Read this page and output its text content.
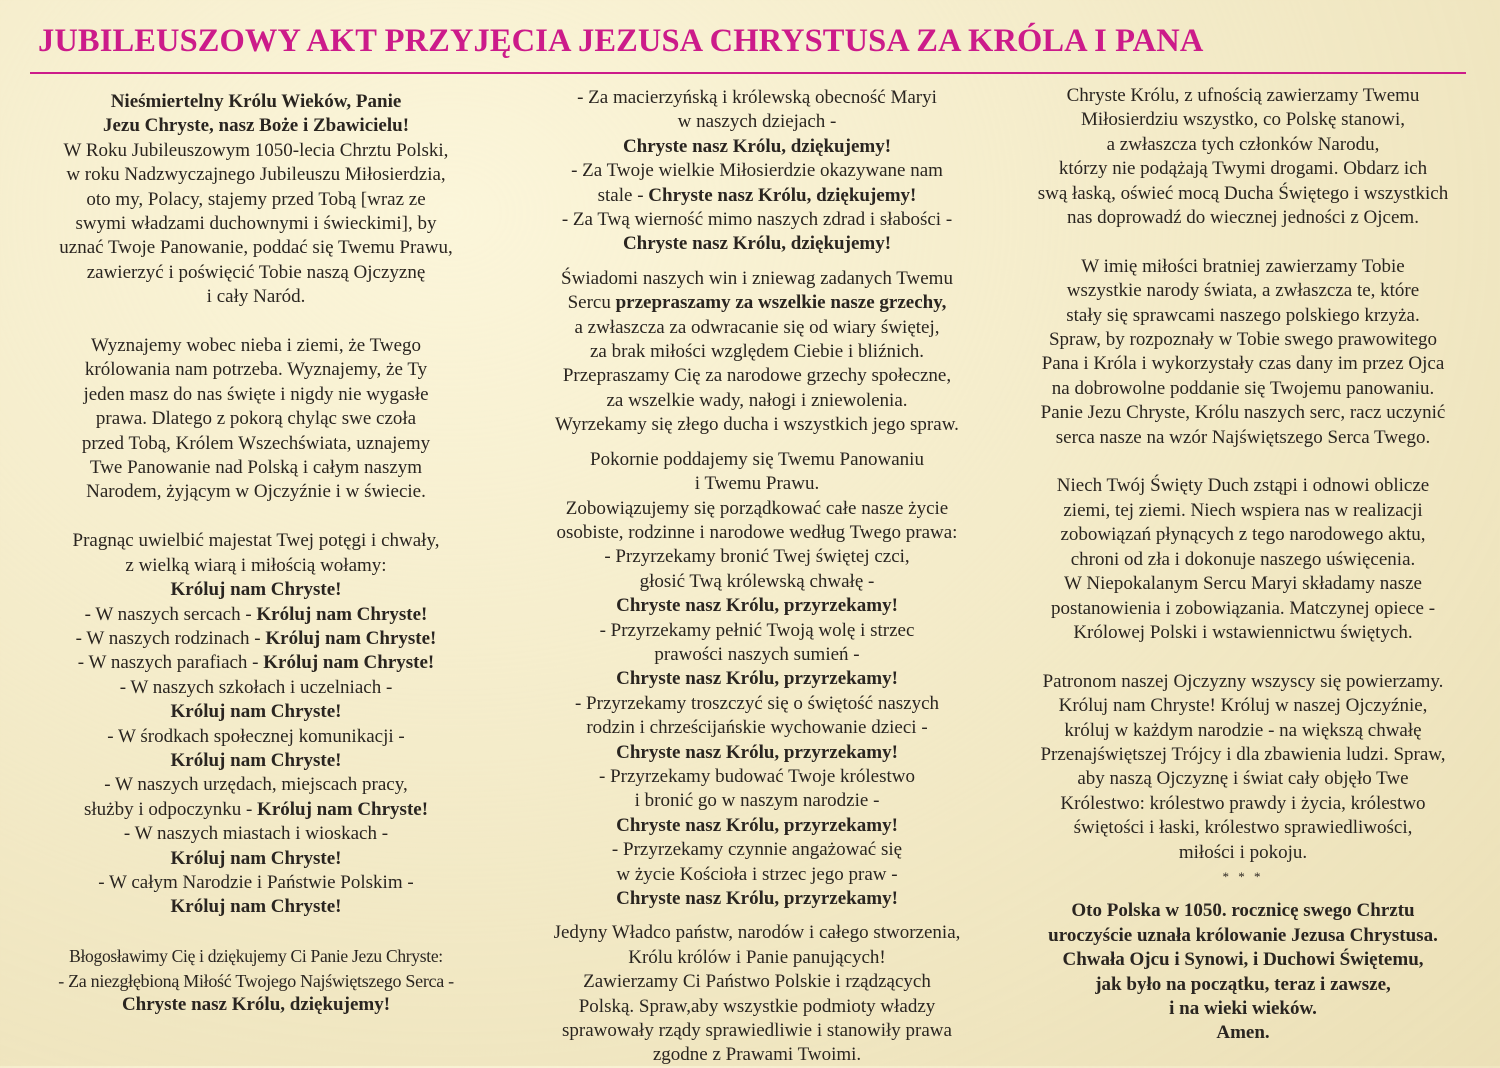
JUBILEUSZOWY AKT PRZYJĘCIA JEZUSA CHRYSTUSA ZA KRÓLA I PANA
Nieśmiertelny Królu Wieków, Panie
Jezu Chryste, nasz Boże i Zbawicielu!
W Roku Jubileuszowym 1050-lecia Chrztu Polski,
w roku Nadzwyczajnego Jubileuszu Miłosierdzia,
oto my, Polacy, stajemy przed Tobą [wraz ze
swymi władzami duchownymi i świeckimi], by
uznać Twoje Panowanie, poddać się Twemu Prawu,
zawierzyć i poświęcić Tobie naszą Ojczyznę
i cały Naród.
Wyznajemy wobec nieba i ziemi, że Twego
królowania nam potrzeba. Wyznajemy, że Ty
jeden masz do nas święte i nigdy nie wygasłe
prawa. Dlatego z pokorą chyląc swe czoła
przed Tobą, Królem Wszechświata, uznajemy
Twe Panowanie nad Polską i całym naszym
Narodem, żyjącym w Ojczyźnie i w świecie.
Pragnąc uwielbić majestat Twej potęgi i chwały,
z wielką wiarą i miłością wołamy:
Króluj nam Chryste!
- W naszych sercach - Króluj nam Chryste!
- W naszych rodzinach - Króluj nam Chryste!
- W naszych parafiach - Króluj nam Chryste!
- W naszych szkołach i uczelniach -
Króluj nam Chryste!
- W środkach społecznej komunikacji -
Króluj nam Chryste!
- W naszych urzędach, miejscach pracy,
służby i odpoczynku - Króluj nam Chryste!
- W naszych miastach i wioskach -
Króluj nam Chryste!
- W całym Narodzie i Państwie Polskim -
Króluj nam Chryste!
Błogosławimy Cię i dziękujemy Ci Panie Jezu Chryste:
- Za niezgłębioną Miłość Twojego Najświętszego Serca -
Chryste nasz Królu, dziękujemy!
- Za macierzyńską i królewską obecność Maryi
w naszych dziejach -
Chryste nasz Królu, dziękujemy!
- Za Twoje wielkie Miłosierdzie okazywane nam
stale - Chryste nasz Królu, dziękujemy!
- Za Twą wierność mimo naszych zdrad i słabości -
Chryste nasz Królu, dziękujemy!
Świadomi naszych win i zniewag zadanych Twemu
Sercu przepraszamy za wszelkie nasze grzechy,
a zwłaszcza za odwracanie się od wiary świętej,
za brak miłości względem Ciebie i bliźnich.
Przepraszamy Cię za narodowe grzechy społeczne,
za wszelkie wady, nałogi i zniewolenia.
Wyrzekamy się złego ducha i wszystkich jego spraw.
Pokornie poddajemy się Twemu Panowaniu
i Twemu Prawu.
Zobowiązujemy się porządkować całe nasze życie
osobiste, rodzinne i narodowe według Twego prawa:
- Przyrzekamy bronić Twej świętej czci,
głosić Twą królewską chwałę -
Chryste nasz Królu, przyrzekamy!
- Przyrzekamy pełnić Twoją wolę i strzec
prawości naszych sumień -
Chryste nasz Królu, przyrzekamy!
- Przyrzekamy troszczyć się o świętość naszych
rodzin i chrześcijańskie wychowanie dzieci -
Chryste nasz Królu, przyrzekamy!
- Przyrzekamy budować Twoje królestwo
i bronić go w naszym narodzie -
Chryste nasz Królu, przyrzekamy!
- Przyrzekamy czynnie angażować się
w życie Kościoła i strzec jego praw -
Chryste nasz Królu, przyrzekamy!
Jedyny Władco państw, narodów i całego stworzenia,
Królu królów i Panie panujących!
Zawierzamy Ci Państwo Polskie i rządzących
Polską. Spraw,aby wszystkie podmioty władzy
sprawowały rządy sprawiedliwie i stanowiły prawa
zgodne z Prawami Twoimi.
Chryste Królu, z ufnością zawierzamy Twemu
Miłosierdziu wszystko, co Polskę stanowi,
a zwłaszcza tych członków Narodu,
którzy nie podążają Twymi drogami. Obdarz ich
swą łaską, oświeć mocą Ducha Świętego i wszystkich
nas doprowadź do wiecznej jedności z Ojcem.
W imię miłości bratniej zawierzamy Tobie
wszystkie narody świata, a zwłaszcza te, które
stały się sprawcami naszego polskiego krzyża.
Spraw, by rozpoznały w Tobie swego prawowitego
Pana i Króla i wykorzystały czas dany im przez Ojca
na dobrowolne poddanie się Twojemu panowaniu.
Panie Jezu Chryste, Królu naszych serc, racz uczynić
serca nasze na wzór Najświętszego Serca Twego.
Niech Twój Święty Duch zstąpi i odnowi oblicze
ziemi, tej ziemi. Niech wspiera nas w realizacji
zobowiązań płynących z tego narodowego aktu,
chroni od zła i dokonuje naszego uświęcenia.
W Niepokalanym Sercu Maryi składamy nasze
postanowienia i zobowiązania. Matczynej opiece -
Królowej Polski i wstawiennictwu świętych.
Patronom naszej Ojczyzny wszyscy się powierzamy.
Króluj nam Chryste! Króluj w naszej Ojczyźnie,
króluj w każdym narodzie - na większą chwałę
Przenajświętszej Trójcy i dla zbawienia ludzi. Spraw,
aby naszą Ojczyznę i świat cały objęło Twe
Królestwo: królestwo prawdy i życia, królestwo
świętości i łaski, królestwo sprawiedliwości,
miłości i pokoju.
* * *
Oto Polska w 1050. rocznicę swego Chrztu
uroczyście uznała królowanie Jezusa Chrystusa.
Chwała Ojcu i Synowi, i Duchowi Świętemu,
jak było na początku, teraz i zawsze,
i na wieki wieków.
Amen.
